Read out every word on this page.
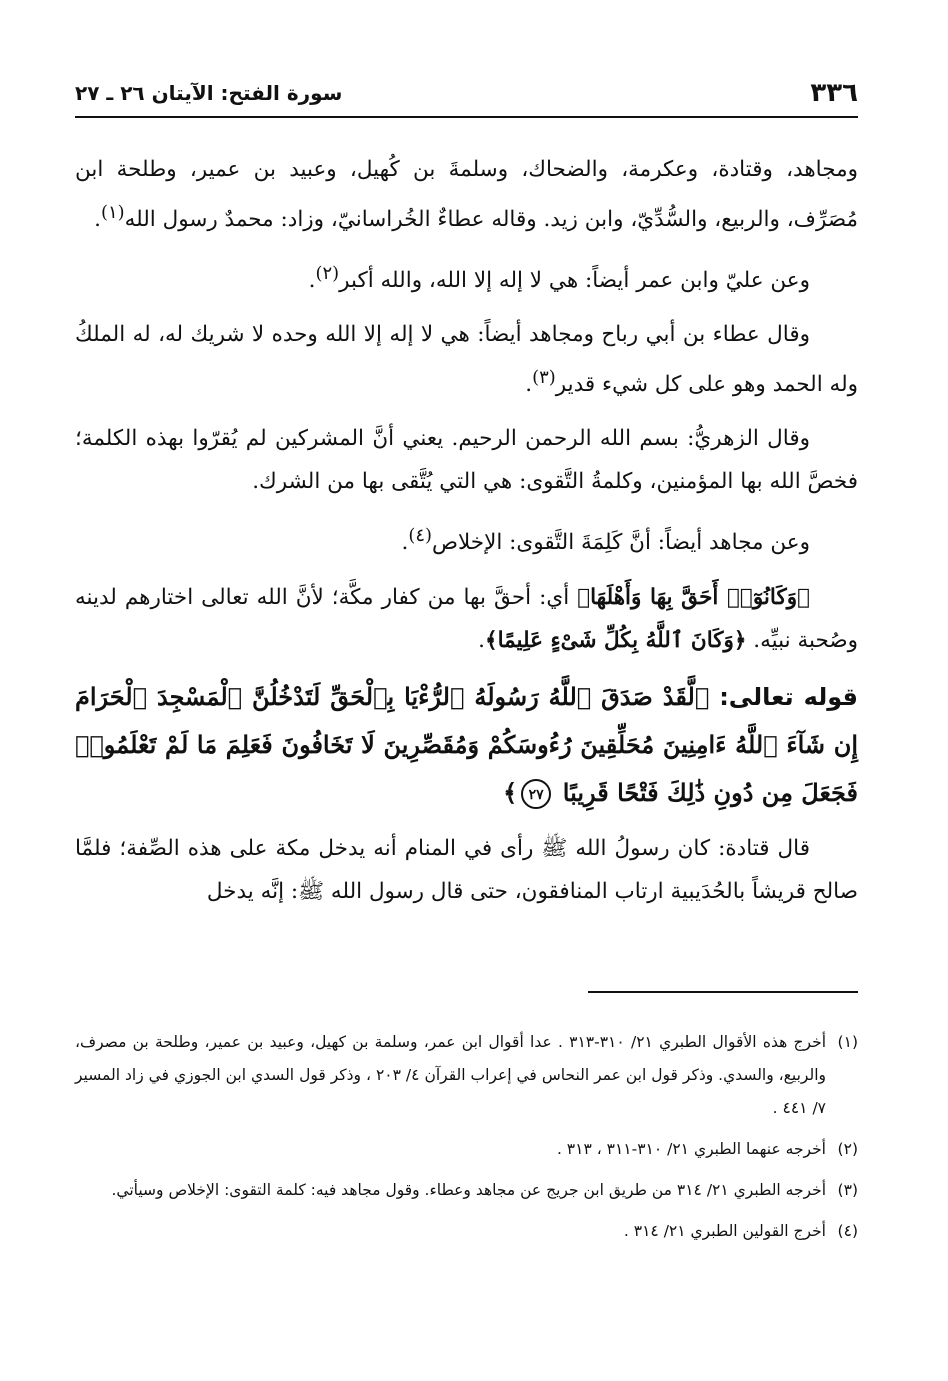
٣٣٦
سورة الفتح: الآيتان ٢٦ ـ ٢٧

ومجاهد، وقتادة، وعكرمة، والضحاك، وسلمةَ بن كُهيل، وعبيد بن عمير، وطلحة ابن مُصَرِّف، والربيع، والسُّدِّيّ، وابن زيد. وقاله عطاءٌ الخُراسانيّ، وزاد: محمدٌ رسول الله$^{(١)}$.

وعن عليّ وابن عمر أيضاً: هي لا إله إلا الله، والله أكبر$^{(٢)}$.

وقال عطاء بن أبي رباح ومجاهد أيضاً: هي لا إله إلا الله وحده لا شريك له، له الملكُ وله الحمد وهو على كل شيء قدير$^{(٣)}$.

وقال الزهريُّ: بسم الله الرحمن الرحيم. يعني أنَّ المشركين لم يُقرّوا بهذه الكلمة؛ فخصَّ الله بها المؤمنين، وكلمةُ التَّقوى: هي التي يُتَّقى بها من الشرك.

وعن مجاهد أيضاً: أنَّ كَلِمَةَ التَّقوى: الإخلاص$^{(٤)}$.

﴿وَكَانُوٓا۟ أَحَقَّ بِهَا وَأَهْلَهَا﴾ أي: أحقَّ بها من كفار مكَّة؛ لأنَّ الله تعالى اختارهم لدينه وصُحبة نبيِّه. ﴿وَكَانَ ٱللَّهُ بِكُلِّ شَىْءٍ عَلِيمًا﴾.

قوله تعالى: ﴿لَّقَدْ صَدَقَ ٱللَّهُ رَسُولَهُ ٱلرُّءْيَا بِٱلْحَقِّ لَتَدْخُلُنَّ ٱلْمَسْجِدَ ٱلْحَرَامَ إِن شَآءَ ٱللَّهُ ءَامِنِينَ مُحَلِّقِينَ رُءُوسَكُمْ وَمُقَصِّرِينَ لَا تَخَافُونَ فَعَلِمَ مَا لَمْ تَعْلَمُوا۟ فَجَعَلَ مِن دُونِ ذَٰلِكَ فَتْحًا قَرِيبًا ٢٧﴾

قال قتادة: كان رسولُ الله ﷺ رأى في المنام أنه يدخل مكة على هذه الصِّفة؛ فلمَّا صالح قريشاً بالحُدَيبية ارتاب المنافقون، حتى قال رسول الله ﷺ: إنَّه يدخل

(١)
أخرج هذه الأقوال الطبري ٢١/ ٣١٠-٣١٣ . عدا أقوال ابن عمر، وسلمة بن كهيل، وعبيد بن عمير، وطلحة بن مصرف، والربيع، والسدي. وذكر قول ابن عمر النحاس في إعراب القرآن ٤/ ٢٠٣ ، وذكر قول السدي ابن الجوزي في زاد المسير ٧/ ٤٤١ .
(٢)
أخرجه عنهما الطبري ٢١/ ٣١٠-٣١١ ، ٣١٣ .
(٣)
أخرجه الطبري ٢١/ ٣١٤ من طريق ابن جريج عن مجاهد وعطاء. وقول مجاهد فيه: كلمة التقوى: الإخلاص وسيأتي.
(٤)
أخرج القولين الطبري ٢١/ ٣١٤ .
